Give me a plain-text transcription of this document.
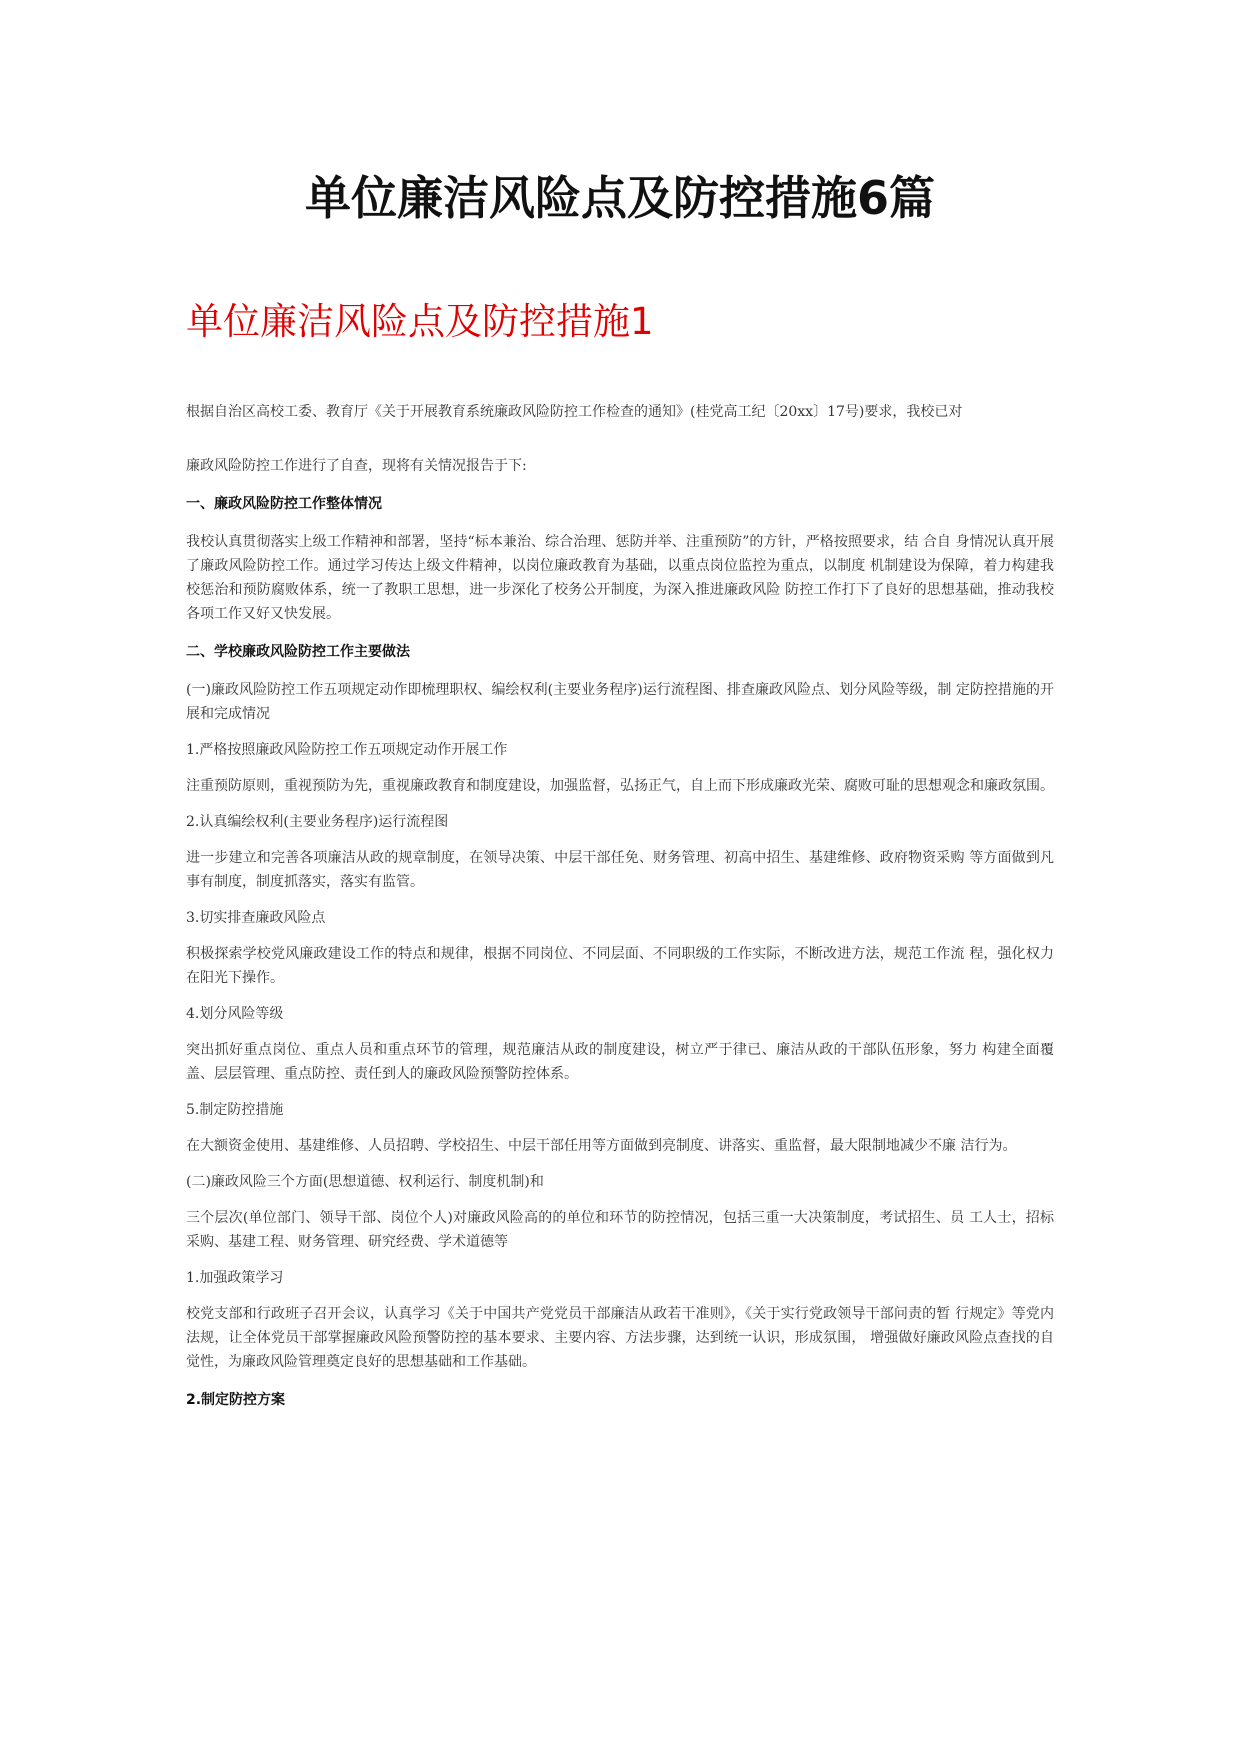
单位廉洁风险点及防控措施6篇
单位廉洁风险点及防控措施1

根据自治区高校工委、教育厅《关于开展教育系统廉政风险防控工作检查的通知》(桂党高工纪〔20xx〕17号)要求，我校已对

廉政风险防控工作进行了自查，现将有关情况报告于下:

一、廉政风险防控工作整体情况

我校认真贯彻落实上级工作精神和部署，坚持“标本兼治、综合治理、惩防并举、注重预防”的方针，严格按照要求，结 合自 身情况认真开展了廉政风险防控工作。通过学习传达上级文件精神，以岗位廉政教育为基础，以重点岗位监控为重点，以制度 机制建设为保障，着力构建我校惩治和预防腐败体系，统一了教职工思想，进一步深化了校务公开制度，为深入推进廉政风险 防控工作打下了良好的思想基础，推动我校各项工作又好又快发展。

二、学校廉政风险防控工作主要做法

(一)廉政风险防控工作五项规定动作即梳理职权、编绘权利(主要业务程序)运行流程图、排查廉政风险点、划分风险等级，制 定防控措施的开展和完成情况

1.严格按照廉政风险防控工作五项规定动作开展工作

注重预防原则，重视预防为先，重视廉政教育和制度建设，加强监督，弘扬正气，自上而下形成廉政光荣、腐败可耻的思想观念和廉政氛围。

2.认真编绘权利(主要业务程序)运行流程图

进一步建立和完善各项廉洁从政的规章制度，在领导决策、中层干部任免、财务管理、初高中招生、基建维修、政府物资采购 等方面做到凡事有制度，制度抓落实，落实有监管。

3.切实排查廉政风险点

积极探索学校党风廉政建设工作的特点和规律，根据不同岗位、不同层面、不同职级的工作实际，不断改进方法，规范工作流 程，强化权力在阳光下操作。

4.划分风险等级

突出抓好重点岗位、重点人员和重点环节的管理，规范廉洁从政的制度建设，树立严于律已、廉洁从政的干部队伍形象，努力 构建全面覆盖、层层管理、重点防控、责任到人的廉政风险预警防控体系。

5.制定防控措施

在大额资金使用、基建维修、人员招聘、学校招生、中层干部任用等方面做到亮制度、讲落实、重监督，最大限制地减少不廉 洁行为。

(二)廉政风险三个方面(思想道德、权利运行、制度机制)和

三个层次(单位部门、领导干部、岗位个人)对廉政风险高的的单位和环节的防控情况，包括三重一大决策制度，考试招生、员 工人士，招标采购、基建工程、财务管理、研究经费、学术道德等

1.加强政策学习

校党支部和行政班子召开会议，认真学习《关于中国共产党党员干部廉洁从政若干准则》，《关于实行党政领导干部问责的暂 行规定》等党内法规，让全体党员干部掌握廉政风险预警防控的基本要求、主要内容、方法步骤，达到统一认识，形成氛围， 增强做好廉政风险点查找的自觉性，为廉政风险管理奠定良好的思想基础和工作基础。

2.制定防控方案
